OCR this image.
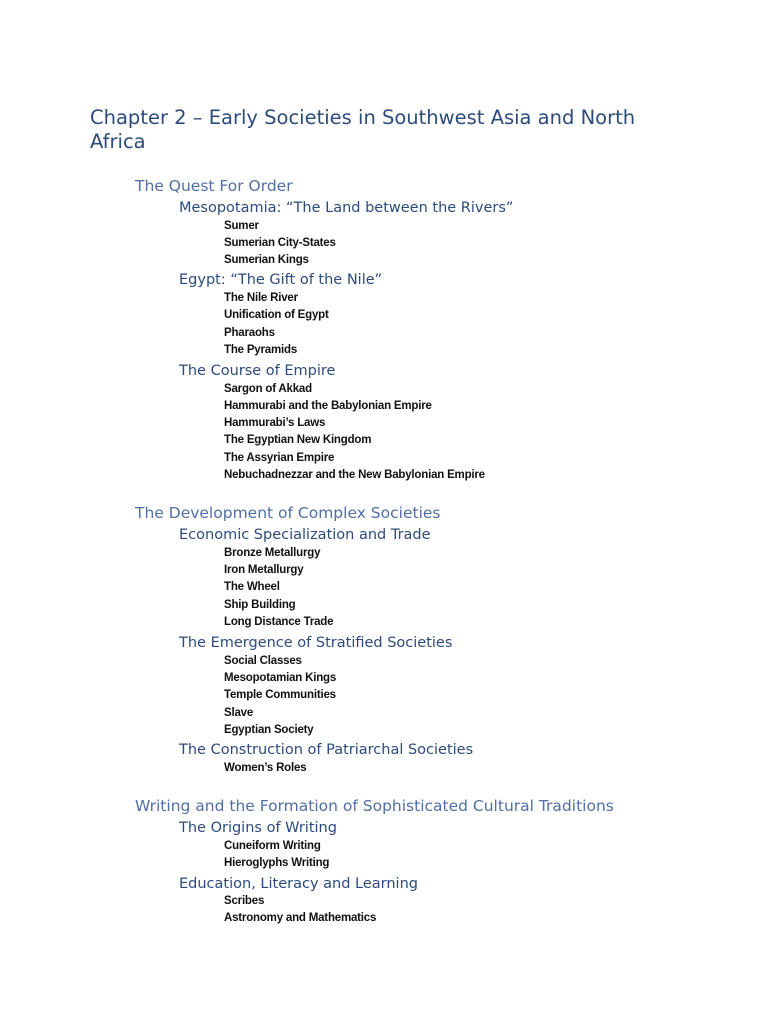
Chapter 2 – Early Societies in Southwest Asia and North Africa
The Quest For Order
Mesopotamia: “The Land between the Rivers”
Sumer
Sumerian City-States
Sumerian Kings
Egypt: “The Gift of the Nile”
The Nile River
Unification of Egypt
Pharaohs
The Pyramids
The Course of Empire
Sargon of Akkad
Hammurabi and the Babylonian Empire
Hammurabi’s Laws
The Egyptian New Kingdom
The Assyrian Empire
Nebuchadnezzar and the New Babylonian Empire
The Development of Complex Societies
Economic Specialization and Trade
Bronze Metallurgy
Iron Metallurgy
The Wheel
Ship Building
Long Distance Trade
The Emergence of Stratified Societies
Social Classes
Mesopotamian Kings
Temple Communities
Slave
Egyptian Society
The Construction of Patriarchal Societies
Women’s Roles
Writing and the Formation of Sophisticated Cultural Traditions
The Origins of Writing
Cuneiform Writing
Hieroglyphs Writing
Education, Literacy and Learning
Scribes
Astronomy and Mathematics
